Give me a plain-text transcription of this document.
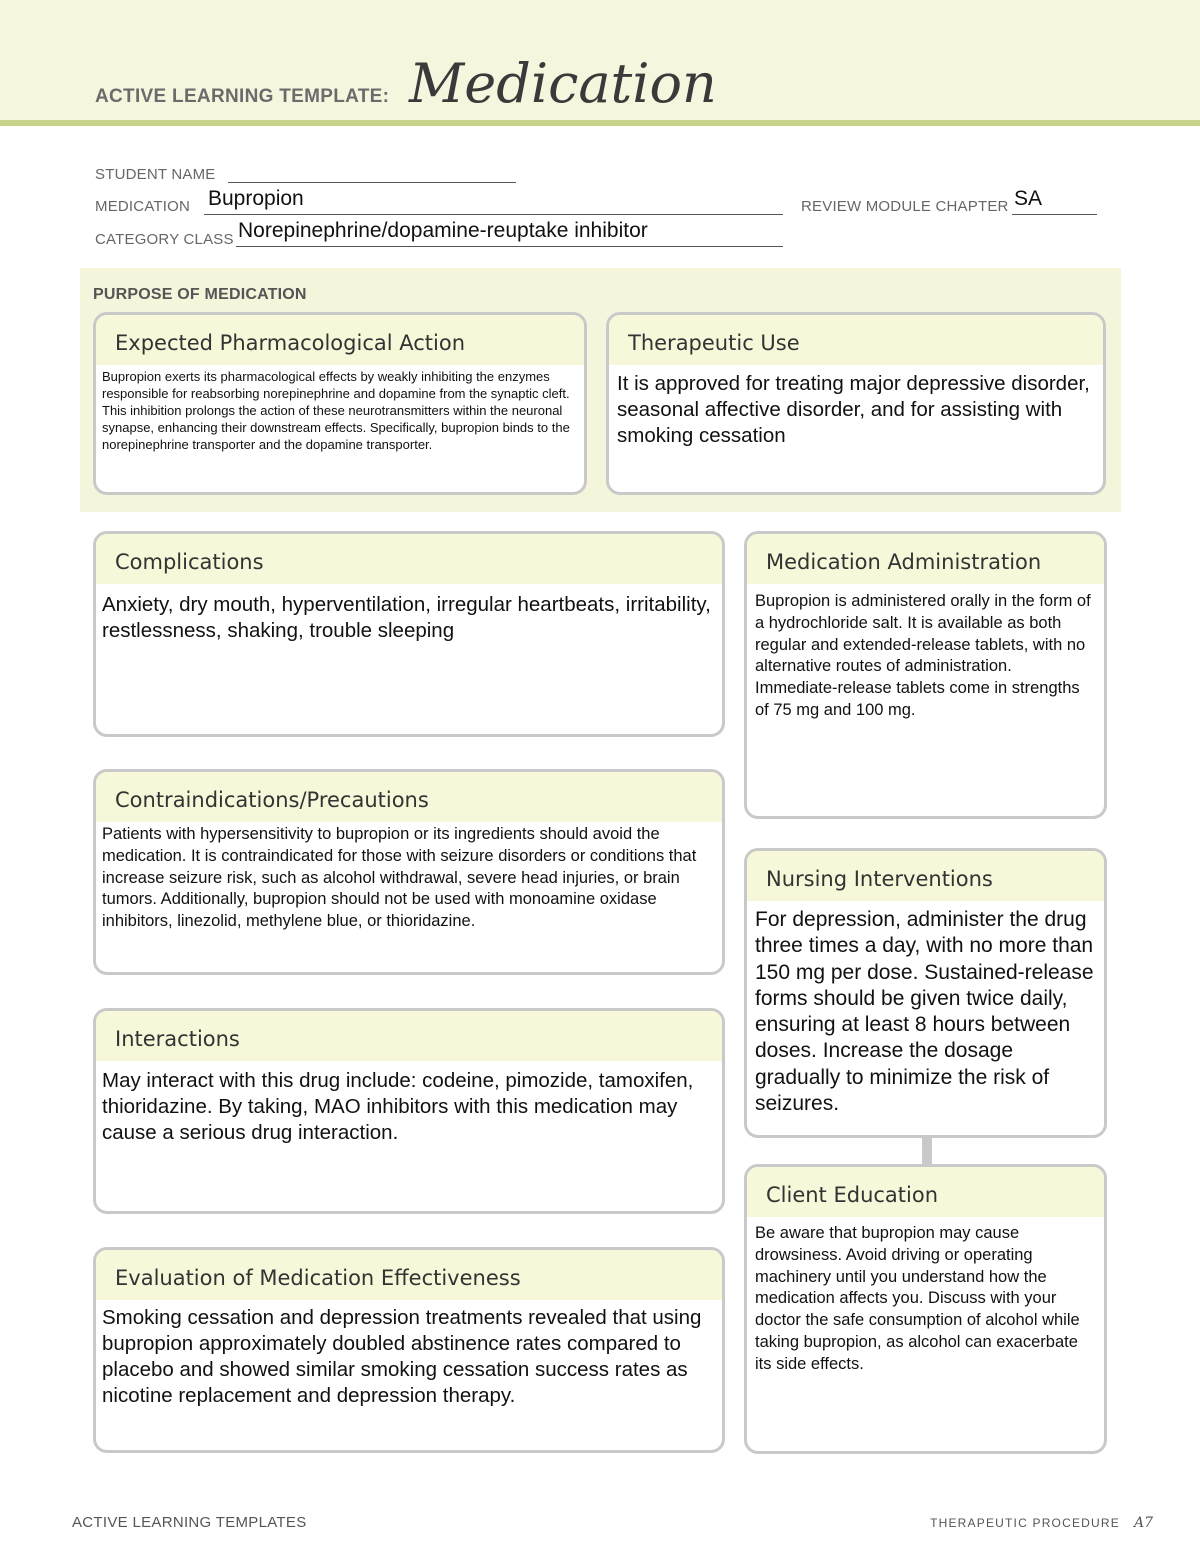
ACTIVE LEARNING TEMPLATE: Medication
STUDENT NAME
MEDICATION Bupropion	REVIEW MODULE CHAPTER SA
CATEGORY CLASS Norepinephrine/dopamine-reuptake inhibitor
PURPOSE OF MEDICATION
Expected Pharmacological Action
Bupropion exerts its pharmacological effects by weakly inhibiting the enzymes responsible for reabsorbing norepinephrine and dopamine from the synaptic cleft. This inhibition prolongs the action of these neurotransmitters within the neuronal synapse, enhancing their downstream effects. Specifically, bupropion binds to the norepinephrine transporter and the dopamine transporter.
Therapeutic Use
It is approved for treating major depressive disorder, seasonal affective disorder, and for assisting with smoking cessation
Complications
Anxiety, dry mouth, hyperventilation, irregular heartbeats, irritability, restlessness, shaking, trouble sleeping
Medication Administration
Bupropion is administered orally in the form of a hydrochloride salt. It is available as both regular and extended-release tablets, with no alternative routes of administration. Immediate-release tablets come in strengths of 75 mg and 100 mg.
Contraindications/Precautions
Patients with hypersensitivity to bupropion or its ingredients should avoid the medication. It is contraindicated for those with seizure disorders or conditions that increase seizure risk, such as alcohol withdrawal, severe head injuries, or brain tumors. Additionally, bupropion should not be used with monoamine oxidase inhibitors, linezolid, methylene blue, or thioridazine.
Nursing Interventions
For depression, administer the drug three times a day, with no more than 150 mg per dose. Sustained-release forms should be given twice daily, ensuring at least 8 hours between doses. Increase the dosage gradually to minimize the risk of seizures.
Interactions
May interact with this drug include: codeine, pimozide, tamoxifen, thioridazine. By taking, MAO inhibitors with this medication may cause a serious drug interaction.
Client Education
Be aware that bupropion may cause drowsiness. Avoid driving or operating machinery until you understand how the medication affects you. Discuss with your doctor the safe consumption of alcohol while taking bupropion, as alcohol can exacerbate its side effects.
Evaluation of Medication Effectiveness
Smoking cessation and depression treatments revealed that using bupropion approximately doubled abstinence rates compared to placebo and showed similar smoking cessation success rates as nicotine replacement and depression therapy.
ACTIVE LEARNING TEMPLATES	THERAPEUTIC PROCEDURE A7
